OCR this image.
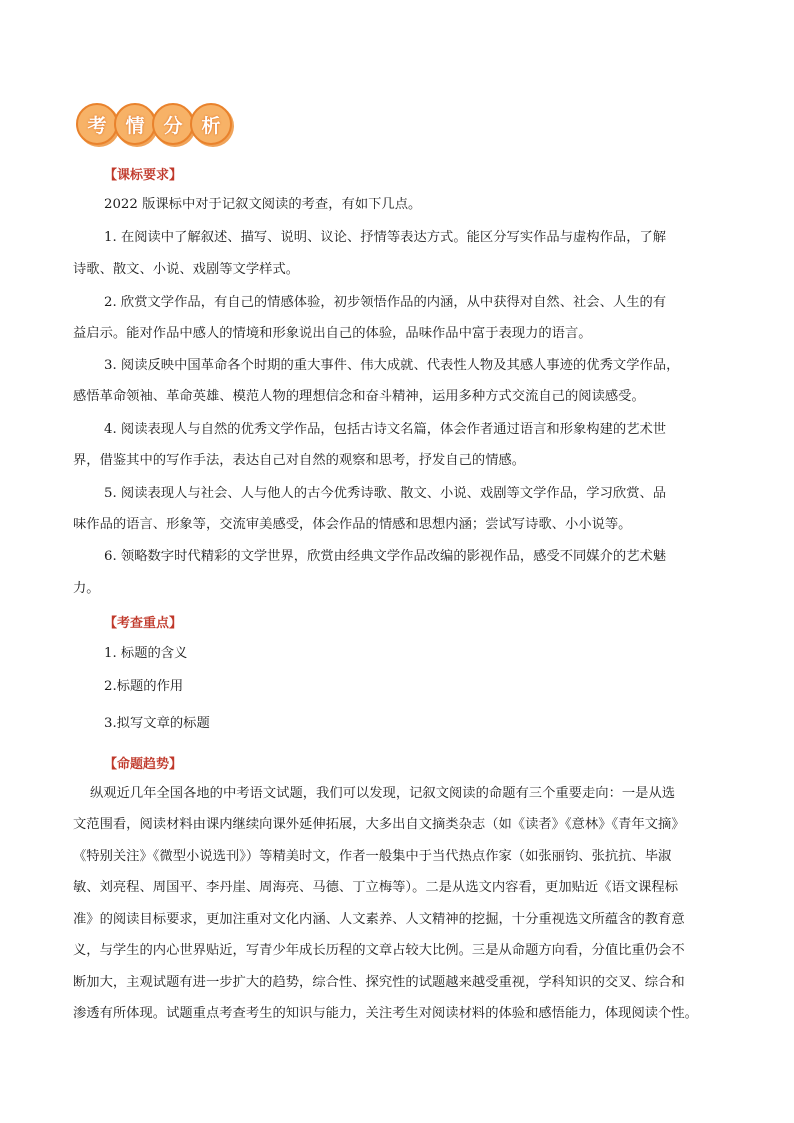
考 情 分 析
【课标要求】
2022 版课标中对于记叙文阅读的考查，有如下几点。
1. 在阅读中了解叙述、描写、说明、议论、抒情等表达方式。能区分写实作品与虚构作品，了解
诗歌、散文、小说、戏剧等文学样式。
2. 欣赏文学作品，有自己的情感体验，初步领悟作品的内涵，从中获得对自然、社会、人生的有
益启示。能对作品中感人的情境和形象说出自己的体验，品味作品中富于表现力的语言。
3. 阅读反映中国革命各个时期的重大事件、伟大成就、代表性人物及其感人事迹的优秀文学作品，
感悟革命领袖、革命英雄、模范人物的理想信念和奋斗精神，运用多种方式交流自己的阅读感受。
4. 阅读表现人与自然的优秀文学作品，包括古诗文名篇，体会作者通过语言和形象构建的艺术世
界，借鉴其中的写作手法，表达自己对自然的观察和思考，抒发自己的情感。
5. 阅读表现人与社会、人与他人的古今优秀诗歌、散文、小说、戏剧等文学作品，学习欣赏、品
味作品的语言、形象等，交流审美感受，体会作品的情感和思想内涵；尝试写诗歌、小小说等。
6. 领略数字时代精彩的文学世界，欣赏由经典文学作品改编的影视作品，感受不同媒介的艺术魅
力。
【考查重点】
1. 标题的含义
2.标题的作用
3.拟写文章的标题
【命题趋势】
纵观近几年全国各地的中考语文试题，我们可以发现，记叙文阅读的命题有三个重要走向：一是从选
文范围看，阅读材料由课内继续向课外延伸拓展，大多出自文摘类杂志（如《读者》《意林》《青年文摘》
《特别关注》《微型小说选刊》）等精美时文，作者一般集中于当代热点作家（如张丽钧、张抗抗、毕淑
敏、刘亮程、周国平、李丹崖、周海亮、马德、丁立梅等）。二是从选文内容看，更加贴近《语文课程标
准》的阅读目标要求，更加注重对文化内涵、人文素养、人文精神的挖掘，十分重视选文所蕴含的教育意
义，与学生的内心世界贴近，写青少年成长历程的文章占较大比例。三是从命题方向看，分值比重仍会不
断加大，主观试题有进一步扩大的趋势，综合性、探究性的试题越来越受重视，学科知识的交叉、综合和
渗透有所体现。试题重点考查考生的知识与能力，关注考生对阅读材料的体验和感悟能力，体现阅读个性。
